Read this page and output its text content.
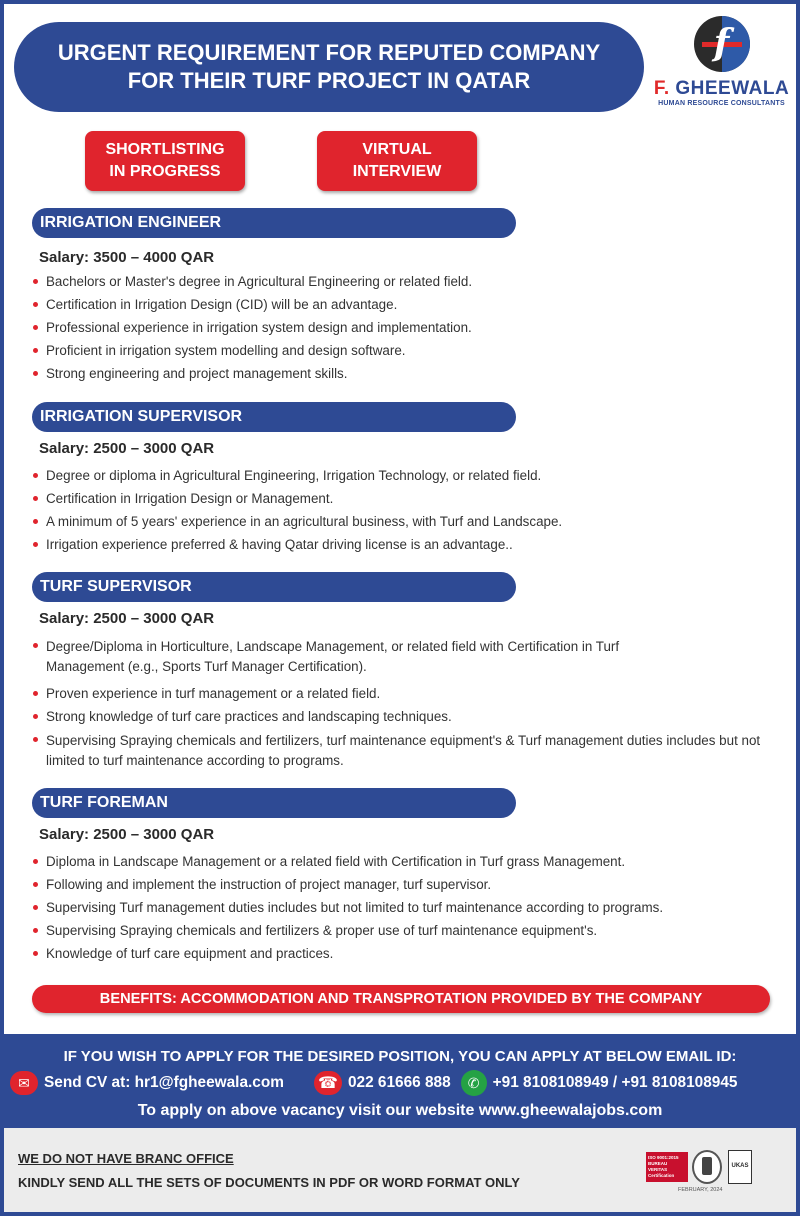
URGENT REQUIREMENT FOR REPUTED COMPANY
FOR THEIR TURF PROJECT IN QATAR
f
F. GHEEWALA
HUMAN RESOURCE CONSULTANTS
SHORTLISTING
IN PROGRESS
VIRTUAL
INTERVIEW
IRRIGATION ENGINEER
Salary: 3500 – 4000 QAR
Bachelors or Master's degree in Agricultural Engineering or related field.
Certification in Irrigation Design (CID) will be an advantage.
Professional experience in irrigation system design and implementation.
Proficient in irrigation system modelling and design software.
Strong engineering and project management skills.
IRRIGATION SUPERVISOR
Salary: 2500 – 3000 QAR
Degree or diploma in Agricultural Engineering, Irrigation Technology, or related field.
Certification in Irrigation Design or Management.
A minimum of 5 years' experience in an agricultural business, with Turf and Landscape.
Irrigation experience preferred & having Qatar driving license is an advantage..
TURF SUPERVISOR
Salary: 2500 – 3000 QAR
Degree/Diploma in Horticulture, Landscape Management, or related field with Certification in Turf Management (e.g., Sports Turf Manager Certification).
Proven experience in turf management or a related field.
Strong knowledge of turf care practices and landscaping techniques.
Supervising Spraying chemicals and fertilizers, turf maintenance equipment's & Turf management duties includes but not limited to turf maintenance according to programs.
TURF FOREMAN
Salary: 2500 – 3000 QAR
Diploma in Landscape Management or a related field with Certification in Turf grass Management.
Following and implement the instruction of project manager, turf supervisor.
Supervising Turf management duties includes but not limited to turf maintenance according to programs.
Supervising Spraying chemicals and fertilizers & proper use of turf maintenance equipment's.
Knowledge of turf care equipment and practices.
BENEFITS: ACCOMMODATION AND TRANSPROTATION PROVIDED BY THE COMPANY
IF YOU WISH TO APPLY FOR THE DESIRED POSITION, YOU CAN APPLY AT BELOW EMAIL ID:
✉ Send CV at: hr1@fgheewala.com ☎ 022 61666 888	✆ +91 8108108949 / +91 8108108945
To apply on above vacancy visit our website www.gheewalajobs.com
WE DO NOT HAVE BRANC OFFICE
KINDLY SEND ALL THE SETS OF DOCUMENTS IN PDF OR WORD FORMAT ONLY
ISO 9001:2015
BUREAU VERITAS
Certification
UKAS
FEBRUARY, 2024
